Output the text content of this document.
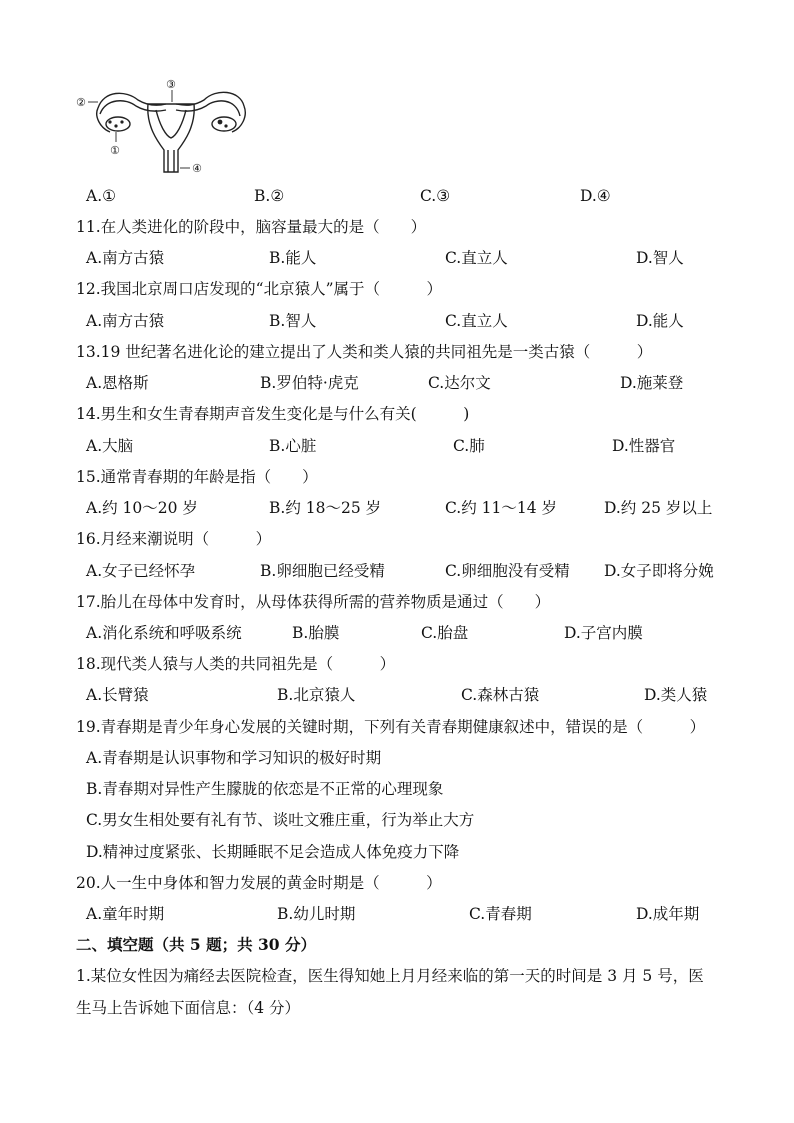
②
③
①
④
A.①	B.②	C.③	D.④
11.在人类进化的阶段中，脑容量最大的是（　　）
A.南方古猿	B.能人	C.直立人	D.智人
12.我国北京周口店发现的“北京猿人”属于（　　　）
A.南方古猿	B.智人	C.直立人	D.能人
13.19 世纪著名进化论的建立提出了人类和类人猿的共同祖先是一类古猿（　　　）
A.恩格斯	B.罗伯特·虎克	C.达尔文	D.施莱登
14.男生和女生青春期声音发生变化是与什么有关(　　　)
A.大脑	B.心脏	C.肺	D.性器官
15.通常青春期的年龄是指（　　）
A.约 10～20 岁	B.约 18～25 岁	C.约 11～14 岁	D.约 25 岁以上
16.月经来潮说明（　　　）
A.女子已经怀孕	B.卵细胞已经受精	C.卵细胞没有受精 D.女子即将分娩
17.胎儿在母体中发育时，从母体获得所需的营养物质是通过（　　）
A.消化系统和呼吸系统	B.胎膜	C.胎盘	D.子宫内膜
18.现代类人猿与人类的共同祖先是（　　　）
A.长臂猿	B.北京猿人	C.森林古猿	D.类人猿
19.青春期是青少年身心发展的关键时期，下列有关青春期健康叙述中，错误的是（　　　）
A.青春期是认识事物和学习知识的极好时期
B.青春期对异性产生朦胧的依恋是不正常的心理现象
C.男女生相处要有礼有节、谈吐文雅庄重，行为举止大方
D.精神过度紧张、长期睡眠不足会造成人体免疫力下降
20.人一生中身体和智力发展的黄金时期是（　　　）
A.童年时期	B.幼儿时期	C.青春期	D.成年期
二、填空题（共 5 题；共 30 分）
1.某位女性因为痛经去医院检查，医生得知她上月月经来临的第一天的时间是 3 月 5 号，医
生马上告诉她下面信息：（4 分）
